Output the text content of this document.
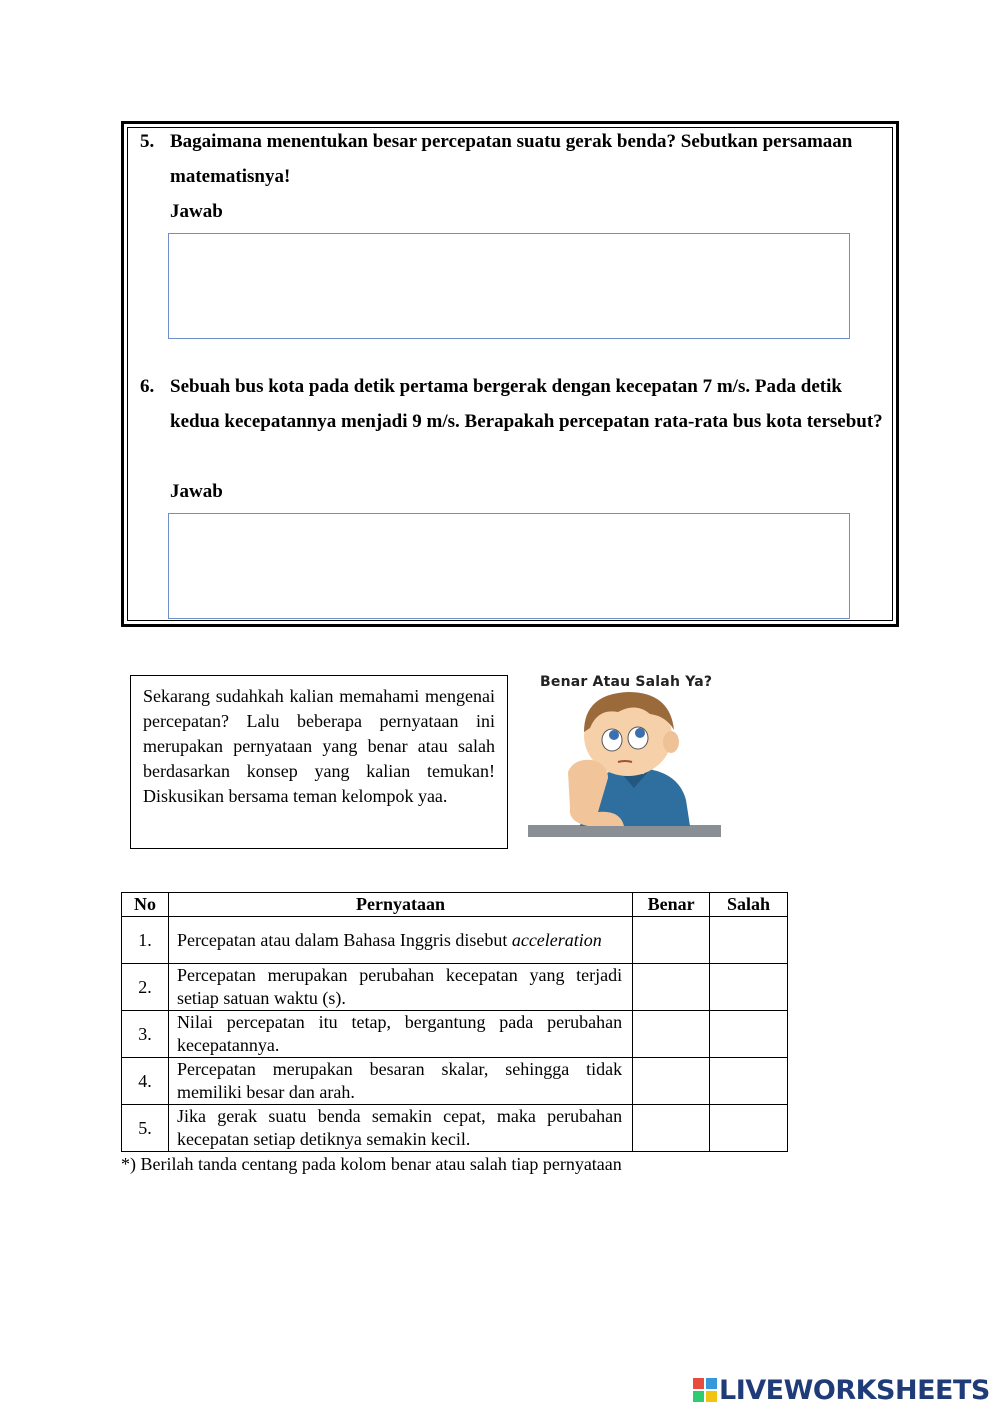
5. Bagaimana menentukan besar percepatan suatu gerak benda? Sebutkan persamaan matematisnya!
Jawab
6. Sebuah bus kota pada detik pertama bergerak dengan kecepatan 7 m/s. Pada detik kedua kecepatannya menjadi 9 m/s. Berapakah percepatan rata-rata bus kota tersebut?
Jawab
Sekarang sudahkah kalian memahami mengenai percepatan? Lalu beberapa pernyataan ini merupakan pernyataan yang benar atau salah berdasarkan konsep yang kalian temukan! Diskusikan bersama teman kelompok yaa.
Benar Atau Salah Ya?
No	Pernyataan	Benar	Salah
1.	Percepatan atau dalam Bahasa Inggris disebut acceleration		
2.	Percepatan merupakan perubahan kecepatan yang terjadi setiap satuan waktu (s).		
3.	Nilai percepatan itu tetap, bergantung pada perubahan kecepatannya.		
4.	Percepatan merupakan besaran skalar, sehingga tidak memiliki besar dan arah.		
5.	Jika gerak suatu benda semakin cepat, maka perubahan kecepatan setiap detiknya semakin kecil.		
*) Berilah tanda centang pada kolom benar atau salah tiap pernyataan
LIVEWORKSHEETS
